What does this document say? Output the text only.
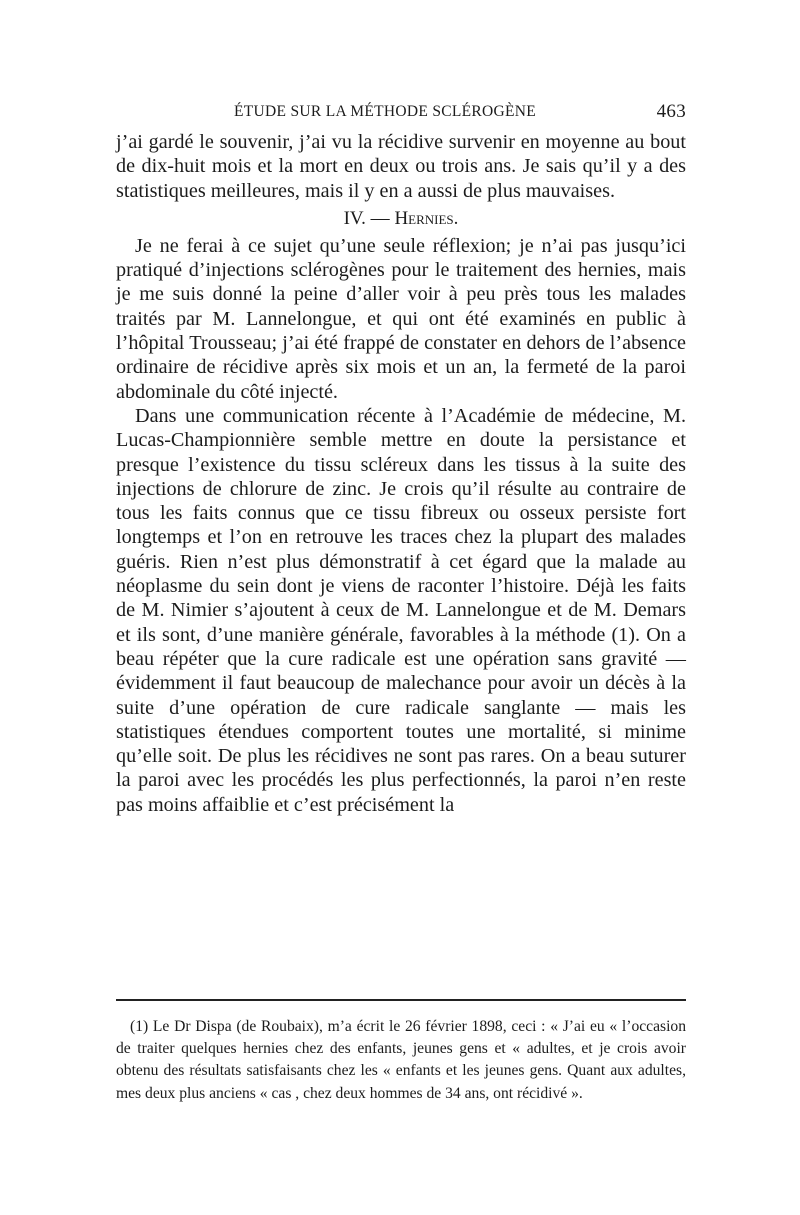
ÉTUDE SUR LA MÉTHODE SCLÉROGÈNE	463

j’ai gardé le souvenir, j’ai vu la récidive survenir en moyenne au bout de dix-huit mois et la mort en deux ou trois ans. Je sais qu’il y a des statistiques meilleures, mais il y en a aussi de plus mauvaises.

IV. — Hernies.

Je ne ferai à ce sujet qu’une seule réflexion; je n’ai pas jusqu’ici pratiqué d’injections sclérogènes pour le traitement des hernies, mais je me suis donné la peine d’aller voir à peu près tous les malades traités par M. Lannelongue, et qui ont été examinés en public à l’hôpital Trousseau; j’ai été frappé de constater en dehors de l’absence ordinaire de récidive après six mois et un an, la fermeté de la paroi abdominale du côté injecté.

Dans une communication récente à l’Académie de médecine, M. Lucas-Championnière semble mettre en doute la persistance et presque l’existence du tissu scléreux dans les tissus à la suite des injections de chlorure de zinc. Je crois qu’il résulte au contraire de tous les faits connus que ce tissu fibreux ou osseux persiste fort longtemps et l’on en retrouve les traces chez la plupart des malades guéris. Rien n’est plus démonstratif à cet égard que la malade au néoplasme du sein dont je viens de raconter l’histoire. Déjà les faits de M. Nimier s’ajoutent à ceux de M. Lannelongue et de M. Demars et ils sont, d’une manière générale, favorables à la méthode (1). On a beau répéter que la cure radicale est une opération sans gravité — évidemment il faut beaucoup de malechance pour avoir un décès à la suite d’une opération de cure radicale sanglante — mais les statistiques étendues comportent toutes une mortalité, si minime qu’elle soit. De plus les récidives ne sont pas rares. On a beau suturer la paroi avec les procédés les plus perfectionnés, la paroi n’en reste pas moins affaiblie et c’est précisément la

(1) Le Dr Dispa (de Roubaix), m’a écrit le 26 février 1898, ceci : « J’ai eu « l’occasion de traiter quelques hernies chez des enfants, jeunes gens et « adultes, et je crois avoir obtenu des résultats satisfaisants chez les « enfants et les jeunes gens. Quant aux adultes, mes deux plus anciens « cas , chez deux hommes de 34 ans, ont récidivé ».
